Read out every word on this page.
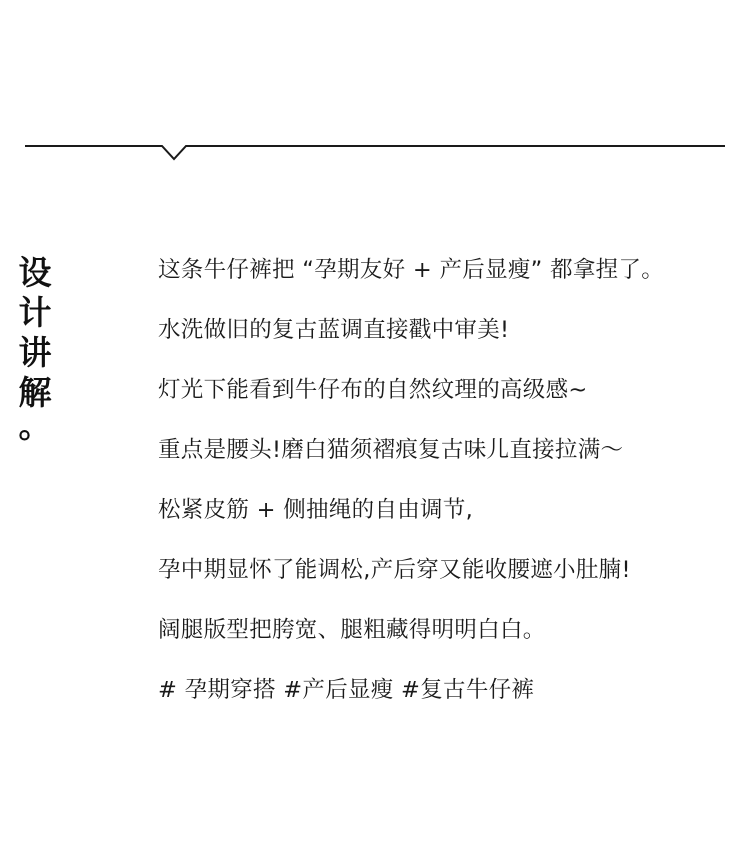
设
计
讲
解
。
这条牛仔裤把 “孕期友好 + 产后显瘦” 都拿捏了。
水洗做旧的复古蓝调直接戳中审美!
灯光下能看到牛仔布的自然纹理的高级感~
重点是腰头!磨白猫须褶痕复古味儿直接拉满～
松紧皮筋 + 侧抽绳的自由调节,
孕中期显怀了能调松,产后穿又能收腰遮小肚腩!
阔腿版型把胯宽、腿粗藏得明明白白。
# 孕期穿搭 #产后显瘦 #复古牛仔裤
